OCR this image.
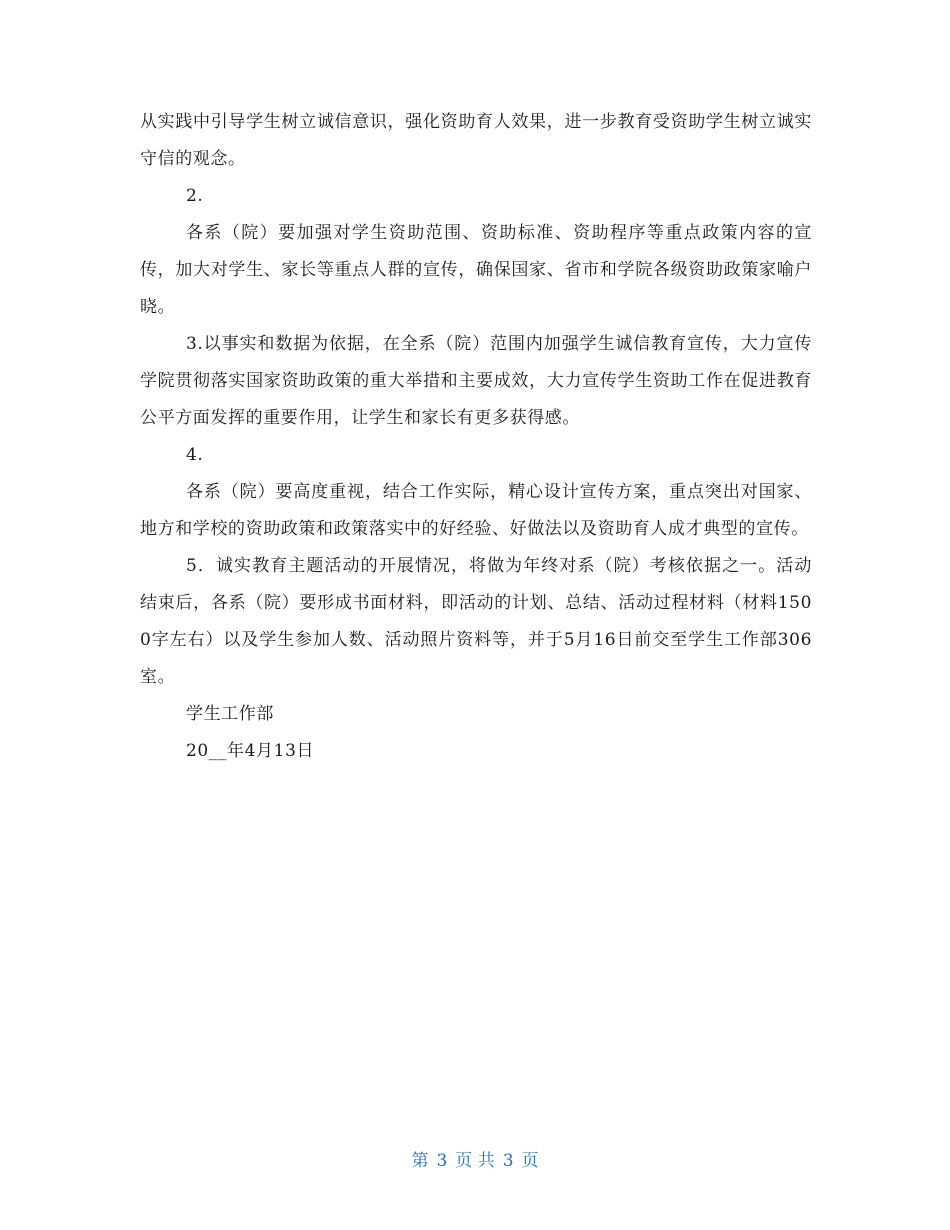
从实践中引导学生树立诚信意识，强化资助育人效果，进一步教育受资助学生树立诚实守信的观念。

2.

各系（院）要加强对学生资助范围、资助标准、资助程序等重点政策内容的宣传，加大对学生、家长等重点人群的宣传，确保国家、省市和学院各级资助政策家喻户晓。

3.以事实和数据为依据，在全系（院）范围内加强学生诚信教育宣传，大力宣传学院贯彻落实国家资助政策的重大举措和主要成效，大力宣传学生资助工作在促进教育公平方面发挥的重要作用，让学生和家长有更多获得感。

4.

各系（院）要高度重视，结合工作实际，精心设计宣传方案，重点突出对国家、地方和学校的资助政策和政策落实中的好经验、好做法以及资助育人成才典型的宣传。

5．诚实教育主题活动的开展情况，将做为年终对系（院）考核依据之一。活动结束后，各系（院）要形成书面材料，即活动的计划、总结、活动过程材料（材料1500字左右）以及学生参加人数、活动照片资料等，并于5月16日前交至学生工作部306室。

学生工作部

20__年4月13日

第 3 页 共 3 页
